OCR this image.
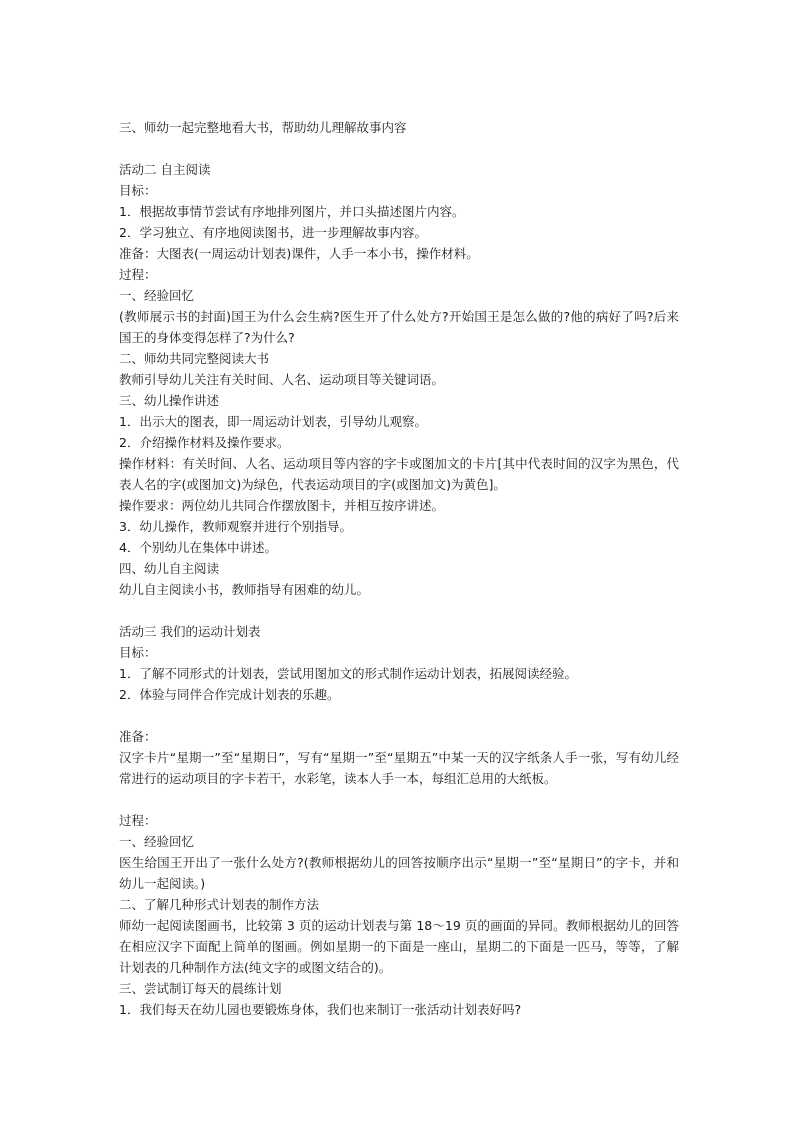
三、师幼一起完整地看大书，帮助幼儿理解故事内容
活动二 自主阅读
目标：
1．根据故事情节尝试有序地排列图片，并口头描述图片内容。
2．学习独立、有序地阅读图书，进一步理解故事内容。
准备：大图表(一周运动计划表)课件，人手一本小书，操作材料。
过程：
一、经验回忆
(教师展示书的封面)国王为什么会生病?医生开了什么处方?开始国王是怎么做的?他的病好了吗?后来国王的身体变得怎样了?为什么?
二、师幼共同完整阅读大书
教师引导幼儿关注有关时间、人名、运动项目等关键词语。
三、幼儿操作讲述
1．出示大的图表，即一周运动计划表，引导幼儿观察。
2．介绍操作材料及操作要求。
操作材料：有关时间、人名、运动项目等内容的字卡或图加文的卡片[其中代表时间的汉字为黑色，代表人名的字(或图加文)为绿色，代表运动项目的字(或图加文)为黄色]。
操作要求：两位幼儿共同合作摆放图卡，并相互按序讲述。
3．幼儿操作，教师观察并进行个别指导。
4．个别幼儿在集体中讲述。
四、幼儿自主阅读
幼儿自主阅读小书，教师指导有困难的幼儿。
活动三 我们的运动计划表
目标：
1．了解不同形式的计划表，尝试用图加文的形式制作运动计划表，拓展阅读经验。
2．体验与同伴合作完成计划表的乐趣。
准备：
汉字卡片“星期一”至“星期日”，写有“星期一”至“星期五”中某一天的汉字纸条人手一张，写有幼儿经常进行的运动项目的字卡若干，水彩笔，读本人手一本，每组汇总用的大纸板。
过程：
一、经验回忆
医生给国王开出了一张什么处方?(教师根据幼儿的回答按顺序出示“星期一”至“星期日”的字卡，并和幼儿一起阅读。)
二、了解几种形式计划表的制作方法
师幼一起阅读图画书，比较第 3 页的运动计划表与第 18～19 页的画面的异同。教师根据幼儿的回答在相应汉字下面配上简单的图画。例如星期一的下面是一座山，星期二的下面是一匹马，等等，了解计划表的几种制作方法(纯文字的或图文结合的)。
三、尝试制订每天的晨练计划
1．我们每天在幼儿园也要锻炼身体，我们也来制订一张活动计划表好吗?
